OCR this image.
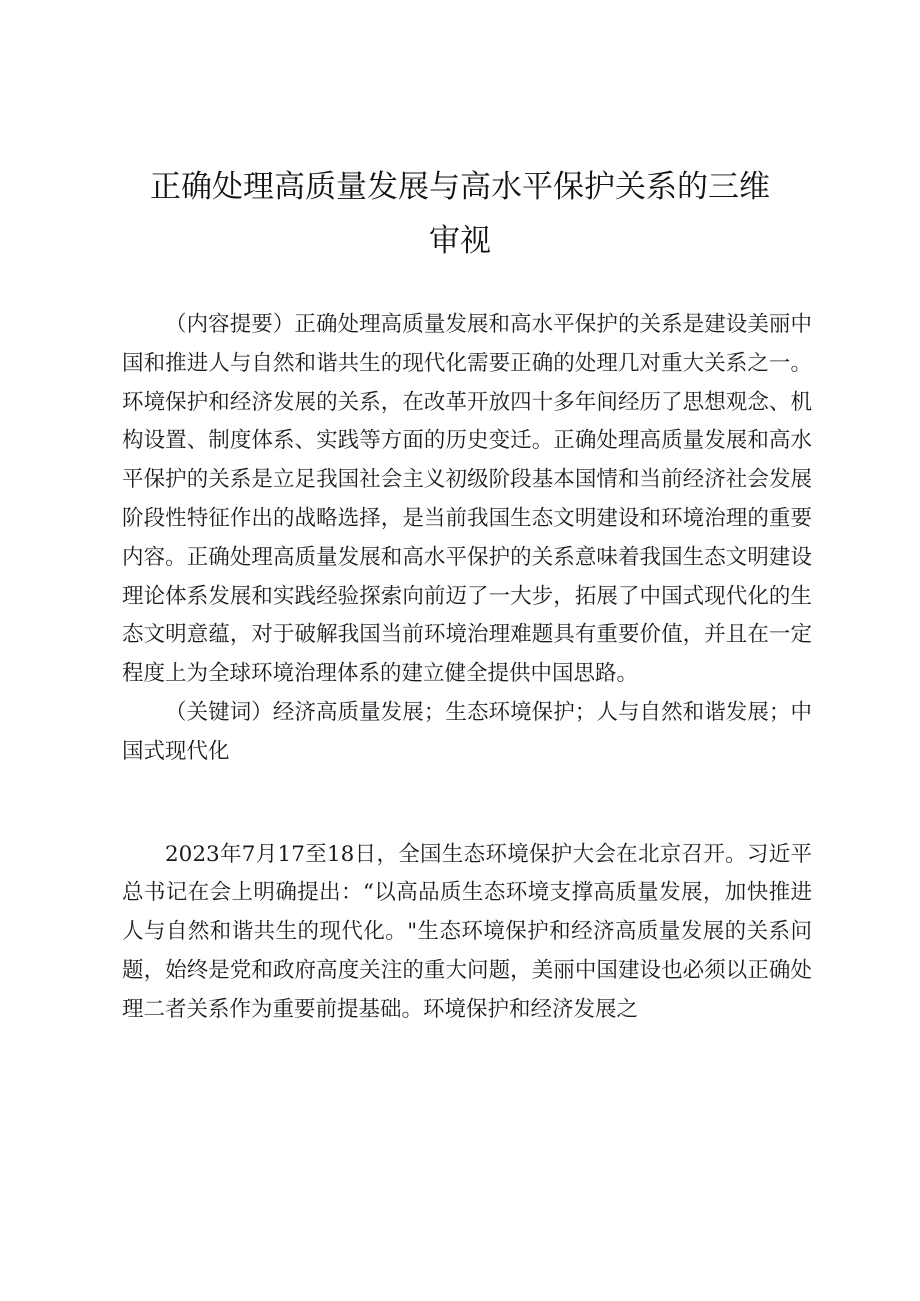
正确处理高质量发展与高水平保护关系的三维
审视

（内容提要）正确处理高质量发展和高水平保护的关系是建设美丽中国和推进人与自然和谐共生的现代化需要正确的处理几对重大关系之一。环境保护和经济发展的关系，在改革开放四十多年间经历了思想观念、机构设置、制度体系、实践等方面的历史变迁。正确处理高质量发展和高水平保护的关系是立足我国社会主义初级阶段基本国情和当前经济社会发展阶段性特征作出的战略选择，是当前我国生态文明建设和环境治理的重要内容。正确处理高质量发展和高水平保护的关系意味着我国生态文明建设理论体系发展和实践经验探索向前迈了一大步，拓展了中国式现代化的生态文明意蕴，对于破解我国当前环境治理难题具有重要价值，并且在一定程度上为全球环境治理体系的建立健全提供中国思路。

（关键词）经济高质量发展；生态环境保护；人与自然和谐发展；中国式现代化

2023年7月17至18日，全国生态环境保护大会在北京召开。习近平总书记在会上明确提出：“以高品质生态环境支撑高质量发展，加快推进人与自然和谐共生的现代化。"生态环境保护和经济高质量发展的关系问题，始终是党和政府高度关注的重大问题，美丽中国建设也必须以正确处理二者关系作为重要前提基础。环境保护和经济发展之
